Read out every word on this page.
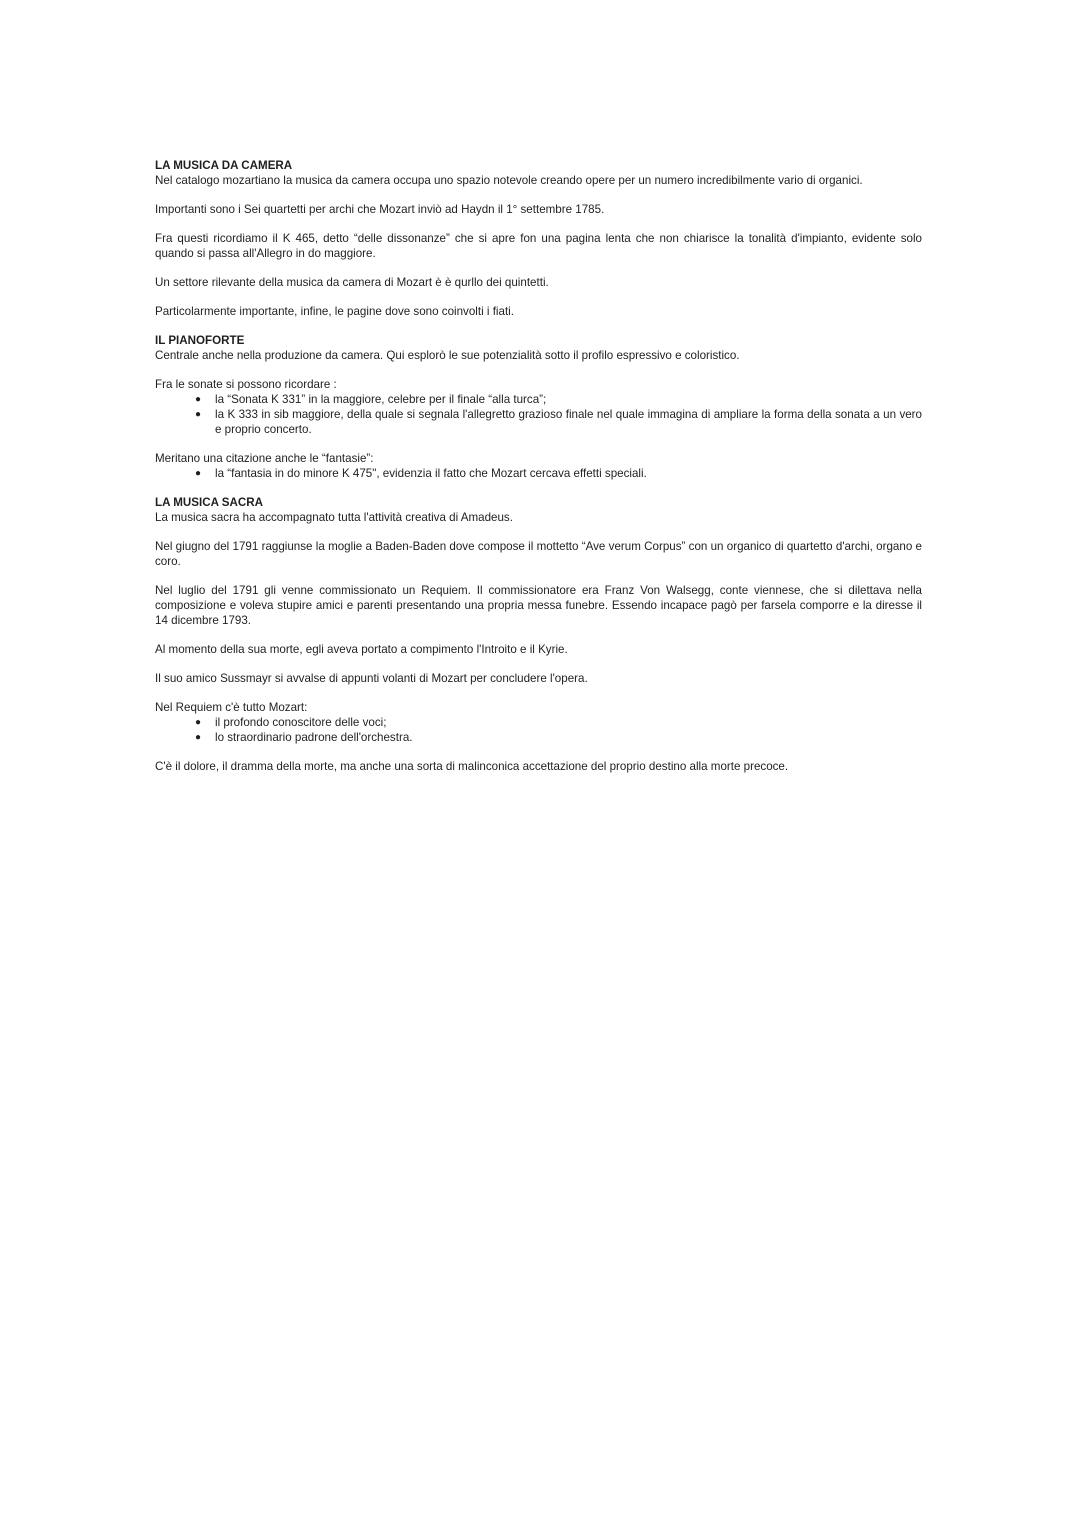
LA MUSICA DA CAMERA

Nel catalogo mozartiano la musica da camera occupa uno spazio notevole creando opere per un numero incredibilmente vario di organici.

Importanti sono i Sei quartetti per archi che Mozart inviò ad Haydn il 1° settembre 1785.

Fra questi ricordiamo il K 465, detto “delle dissonanze” che si apre fon una pagina lenta che non chiarisce la tonalità d'impianto, evidente solo quando si passa all'Allegro in do maggiore.

Un settore rilevante della musica da camera di Mozart è è qurllo dei quintetti.

Particolarmente importante, infine, le pagine dove sono coinvolti i fiati.

IL PIANOFORTE

Centrale anche nella produzione da camera. Qui esplorò le sue potenzialità sotto il profilo espressivo e coloristico.

Fra le sonate si possono ricordare :

● la “Sonata K 331” in la maggiore, celebre per il finale “alla turca”;
● la K 333 in sib maggiore, della quale si segnala l'allegretto grazioso finale nel quale immagina di ampliare la forma della sonata a un vero e proprio concerto.

Meritano una citazione anche le “fantasie”:

● la “fantasia in do minore K 475", evidenzia il fatto che Mozart cercava effetti speciali.
LA MUSICA SACRA

La musica sacra ha accompagnato tutta l'attività creativa di Amadeus.

Nel giugno del 1791 raggiunse la moglie a Baden-Baden dove compose il mottetto “Ave verum Corpus” con un organico di quartetto d'archi, organo e coro.

Nel luglio del 1791 gli venne commissionato un Requiem. Il commissionatore era Franz Von Walsegg, conte viennese, che si dilettava nella composizione e voleva stupire amici e parenti presentando una propria messa funebre. Essendo incapace pagò per farsela comporre e la diresse il 14 dicembre 1793.

Al momento della sua morte, egli aveva portato a compimento l'Introito e il Kyrie.

Il suo amico Sussmayr si avvalse di appunti volanti di Mozart per concludere l'opera.

Nel Requiem c'è tutto Mozart:

● il profondo conoscitore delle voci;
● lo straordinario padrone dell'orchestra.

C'è il dolore, il dramma della morte, ma anche una sorta di malinconica accettazione del proprio destino alla morte precoce.
